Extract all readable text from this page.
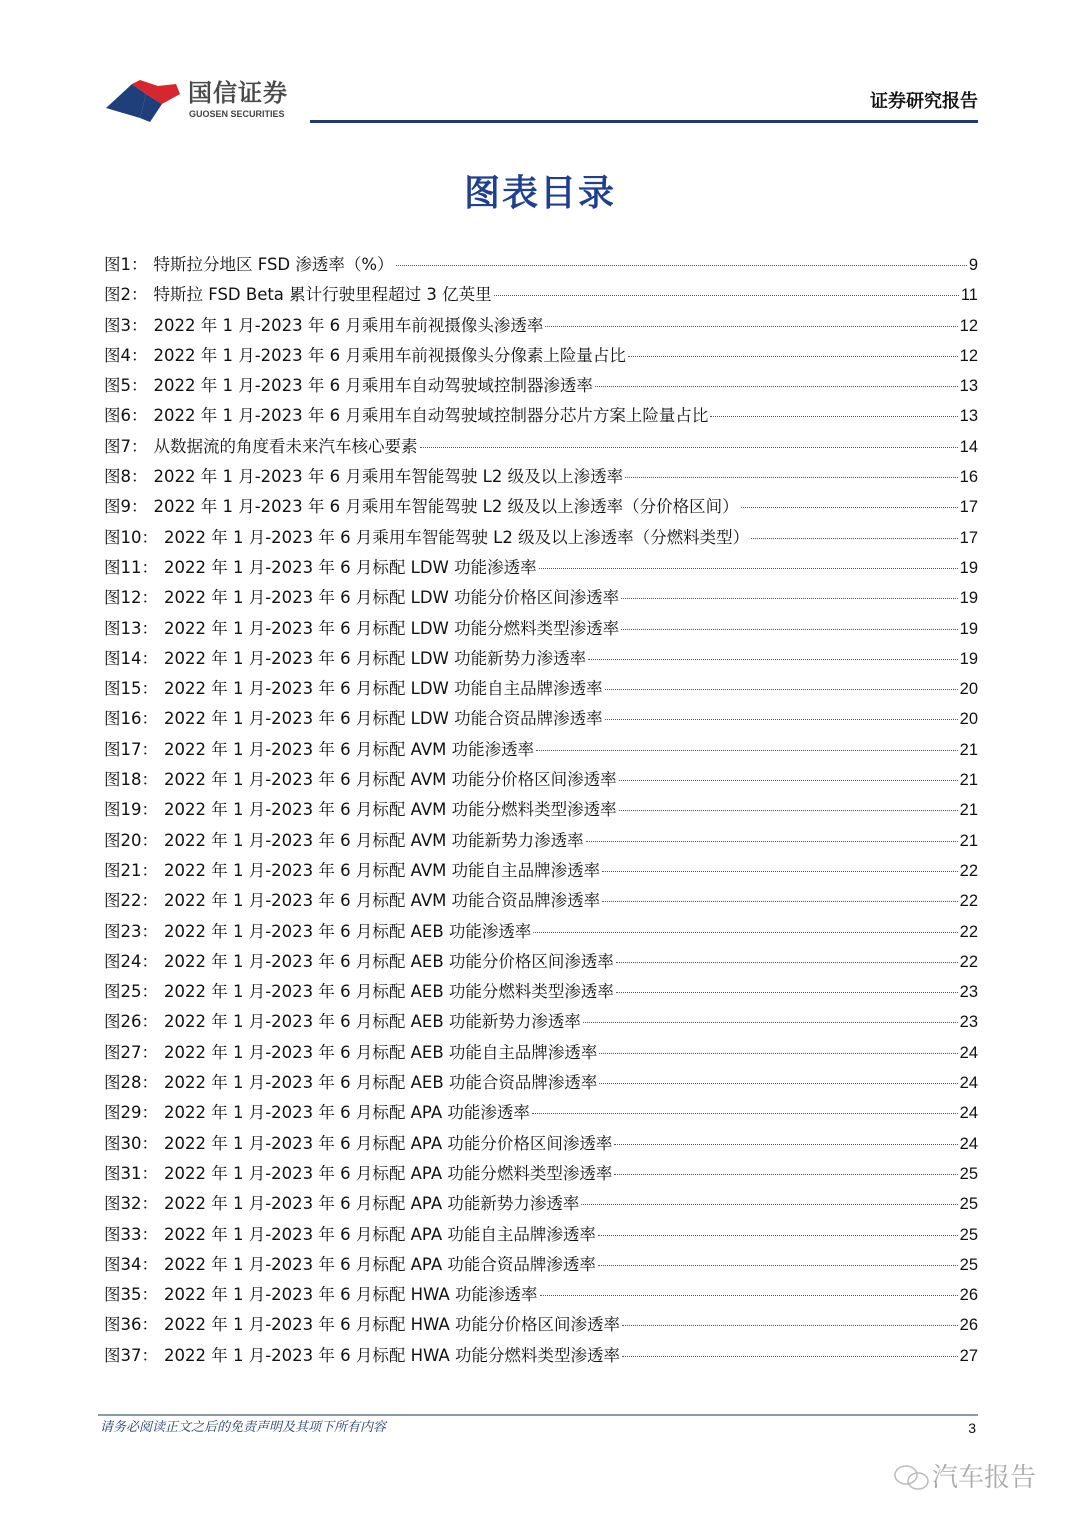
国信证券
GUOSEN SECURITIES
证券研究报告
图表目录
图1： 特斯拉分地区 FSD 渗透率（%）	9
图2： 特斯拉 FSD Beta 累计行驶里程超过 3 亿英里	11
图3： 2022 年 1 月-2023 年 6 月乘用车前视摄像头渗透率	12
图4： 2022 年 1 月-2023 年 6 月乘用车前视摄像头分像素上险量占比	12
图5： 2022 年 1 月-2023 年 6 月乘用车自动驾驶域控制器渗透率	13
图6： 2022 年 1 月-2023 年 6 月乘用车自动驾驶域控制器分芯片方案上险量占比	13
图7： 从数据流的角度看未来汽车核心要素	14
图8： 2022 年 1 月-2023 年 6 月乘用车智能驾驶 L2 级及以上渗透率	16
图9： 2022 年 1 月-2023 年 6 月乘用车智能驾驶 L2 级及以上渗透率（分价格区间）	17
图10： 2022 年 1 月-2023 年 6 月乘用车智能驾驶 L2 级及以上渗透率（分燃料类型）	17
图11： 2022 年 1 月-2023 年 6 月标配 LDW 功能渗透率	19
图12： 2022 年 1 月-2023 年 6 月标配 LDW 功能分价格区间渗透率	19
图13： 2022 年 1 月-2023 年 6 月标配 LDW 功能分燃料类型渗透率	19
图14： 2022 年 1 月-2023 年 6 月标配 LDW 功能新势力渗透率	19
图15： 2022 年 1 月-2023 年 6 月标配 LDW 功能自主品牌渗透率	20
图16： 2022 年 1 月-2023 年 6 月标配 LDW 功能合资品牌渗透率	20
图17： 2022 年 1 月-2023 年 6 月标配 AVM 功能渗透率	21
图18： 2022 年 1 月-2023 年 6 月标配 AVM 功能分价格区间渗透率	21
图19： 2022 年 1 月-2023 年 6 月标配 AVM 功能分燃料类型渗透率	21
图20： 2022 年 1 月-2023 年 6 月标配 AVM 功能新势力渗透率	21
图21： 2022 年 1 月-2023 年 6 月标配 AVM 功能自主品牌渗透率	22
图22： 2022 年 1 月-2023 年 6 月标配 AVM 功能合资品牌渗透率	22
图23： 2022 年 1 月-2023 年 6 月标配 AEB 功能渗透率	22
图24： 2022 年 1 月-2023 年 6 月标配 AEB 功能分价格区间渗透率	22
图25： 2022 年 1 月-2023 年 6 月标配 AEB 功能分燃料类型渗透率	23
图26： 2022 年 1 月-2023 年 6 月标配 AEB 功能新势力渗透率	23
图27： 2022 年 1 月-2023 年 6 月标配 AEB 功能自主品牌渗透率	24
图28： 2022 年 1 月-2023 年 6 月标配 AEB 功能合资品牌渗透率	24
图29： 2022 年 1 月-2023 年 6 月标配 APA 功能渗透率	24
图30： 2022 年 1 月-2023 年 6 月标配 APA 功能分价格区间渗透率	24
图31： 2022 年 1 月-2023 年 6 月标配 APA 功能分燃料类型渗透率	25
图32： 2022 年 1 月-2023 年 6 月标配 APA 功能新势力渗透率	25
图33： 2022 年 1 月-2023 年 6 月标配 APA 功能自主品牌渗透率	25
图34： 2022 年 1 月-2023 年 6 月标配 APA 功能合资品牌渗透率	25
图35： 2022 年 1 月-2023 年 6 月标配 HWA 功能渗透率	26
图36： 2022 年 1 月-2023 年 6 月标配 HWA 功能分价格区间渗透率	26
图37： 2022 年 1 月-2023 年 6 月标配 HWA 功能分燃料类型渗透率	27
请务必阅读正文之后的免责声明及其项下所有内容	3
汽车报告
